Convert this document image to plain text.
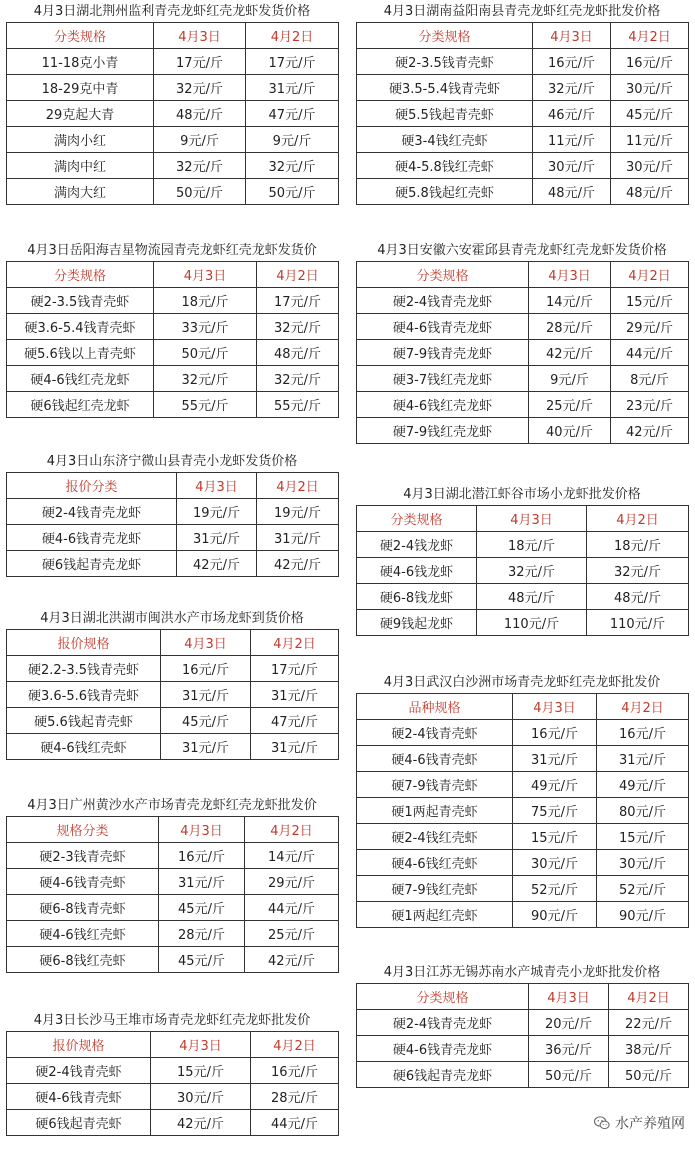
4月3日湖北荆州监利青壳龙虾红壳龙虾发货价格
分类规格	4月3日	4月2日
11-18克小青	17元/斤	17元/斤
18-29克中青	32元/斤	31元/斤
29克起大青	48元/斤	47元/斤
满肉小红	9元/斤	9元/斤
满肉中红	32元/斤	32元/斤
满肉大红	50元/斤	50元/斤
4月3日岳阳海吉星物流园青壳龙虾红壳龙虾发货价
分类规格	4月3日	4月2日
硬2-3.5钱青壳虾	18元/斤	17元/斤
硬3.6-5.4钱青壳虾	33元/斤	32元/斤
硬5.6钱以上青壳虾	50元/斤	48元/斤
硬4-6钱红壳龙虾	32元/斤	32元/斤
硬6钱起红壳龙虾	55元/斤	55元/斤
4月3日山东济宁微山县青壳小龙虾发货价格
报价分类	4月3日	4月2日
硬2-4钱青壳龙虾	19元/斤	19元/斤
硬4-6钱青壳龙虾	31元/斤	31元/斤
硬6钱起青壳龙虾	42元/斤	42元/斤
4月3日湖北洪湖市闽洪水产市场龙虾到货价格
报价规格	4月3日	4月2日
硬2.2-3.5钱青壳虾	16元/斤	17元/斤
硬3.6-5.6钱青壳虾	31元/斤	31元/斤
硬5.6钱起青壳虾	45元/斤	47元/斤
硬4-6钱红壳虾	31元/斤	31元/斤
4月3日广州黄沙水产市场青壳龙虾红壳龙虾批发价
规格分类	4月3日	4月2日
硬2-3钱青壳虾	16元/斤	14元/斤
硬4-6钱青壳虾	31元/斤	29元/斤
硬6-8钱青壳虾	45元/斤	44元/斤
硬4-6钱红壳虾	28元/斤	25元/斤
硬6-8钱红壳虾	45元/斤	42元/斤
4月3日长沙马王堆市场青壳龙虾红壳龙虾批发价
报价规格	4月3日	4月2日
硬2-4钱青壳虾	15元/斤	16元/斤
硬4-6钱青壳虾	30元/斤	28元/斤
硬6钱起青壳虾	42元/斤	44元/斤
4月3日湖南益阳南县青壳龙虾红壳龙虾批发价格
分类规格	4月3日	4月2日
硬2-3.5钱青壳虾	16元/斤	16元/斤
硬3.5-5.4钱青壳虾	32元/斤	30元/斤
硬5.5钱起青壳虾	46元/斤	45元/斤
硬3-4钱红壳虾	11元/斤	11元/斤
硬4-5.8钱红壳虾	30元/斤	30元/斤
硬5.8钱起红壳虾	48元/斤	48元/斤
4月3日安徽六安霍邱县青壳龙虾红壳龙虾发货价格
分类规格	4月3日	4月2日
硬2-4钱青壳龙虾	14元/斤	15元/斤
硬4-6钱青壳龙虾	28元/斤	29元/斤
硬7-9钱青壳龙虾	42元/斤	44元/斤
硬3-7钱红壳龙虾	9元/斤	8元/斤
硬4-6钱红壳龙虾	25元/斤	23元/斤
硬7-9钱红壳龙虾	40元/斤	42元/斤
4月3日湖北潜江虾谷市场小龙虾批发价格
分类规格	4月3日	4月2日
硬2-4钱龙虾	18元/斤	18元/斤
硬4-6钱龙虾	32元/斤	32元/斤
硬6-8钱龙虾	48元/斤	48元/斤
硬9钱起龙虾	110元/斤	110元/斤
4月3日武汉白沙洲市场青壳龙虾红壳龙虾批发价
品种规格	4月3日	4月2日
硬2-4钱青壳虾	16元/斤	16元/斤
硬4-6钱青壳虾	31元/斤	31元/斤
硬7-9钱青壳虾	49元/斤	49元/斤
硬1两起青壳虾	75元/斤	80元/斤
硬2-4钱红壳虾	15元/斤	15元/斤
硬4-6钱红壳虾	30元/斤	30元/斤
硬7-9钱红壳虾	52元/斤	52元/斤
硬1两起红壳虾	90元/斤	90元/斤
4月3日江苏无锡苏南水产城青壳小龙虾批发价格
分类规格	4月3日	4月2日
硬2-4钱青壳龙虾	20元/斤	22元/斤
硬4-6钱青壳龙虾	36元/斤	38元/斤
硬6钱起青壳龙虾	50元/斤	50元/斤
水产养殖网
